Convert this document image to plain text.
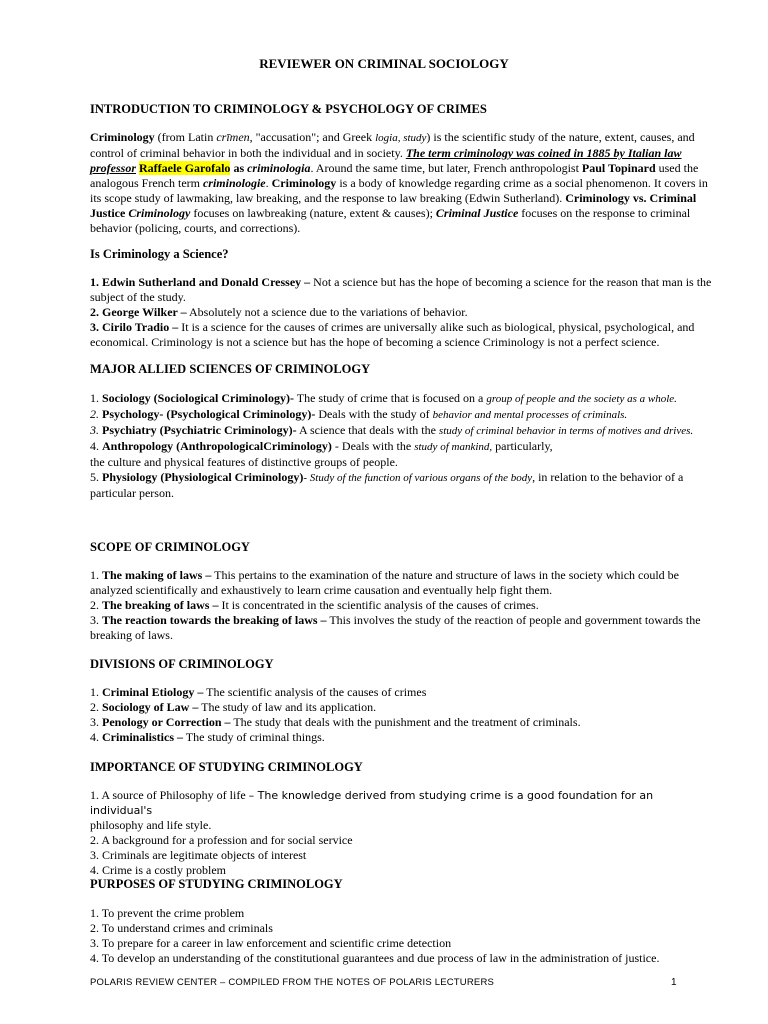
REVIEWER ON CRIMINAL SOCIOLOGY
INTRODUCTION TO CRIMINOLOGY & PSYCHOLOGY OF CRIMES
Criminology (from Latin crīmen, "accusation"; and Greek logia, study) is the scientific study of the nature, extent, causes, and control of criminal behavior in both the individual and in society. The term criminology was coined in 1885 by Italian law professor Raffaele Garofalo as criminologia. Around the same time, but later, French anthropologist Paul Topinard used the analogous French term criminologie. Criminology is a body of knowledge regarding crime as a social phenomenon. It covers in its scope study of lawmaking, law breaking, and the response to law breaking (Edwin Sutherland). Criminology vs. Criminal Justice Criminology focuses on lawbreaking (nature, extent & causes); Criminal Justice focuses on the response to criminal behavior (policing, courts, and corrections).
Is Criminology a Science?

1. Edwin Sutherland and Donald Cressey – Not a science but has the hope of becoming a science for the reason that man is the subject of the study.

2. George Wilker – Absolutely not a science due to the variations of behavior.

3. Cirilo Tradio – It is a science for the causes of crimes are universally alike such as biological, physical, psychological, and economical. Criminology is not a science but has the hope of becoming a science Criminology is not a perfect science.

MAJOR ALLIED SCIENCES OF CRIMINOLOGY

1. Sociology (Sociological Criminology)- The study of crime that is focused on a group of people and the society as a whole.

2. Psychology- (Psychological Criminology)- Deals with the study of behavior and mental processes of criminals.

3. Psychiatry (Psychiatric Criminology)- A science that deals with the study of criminal behavior in terms of motives and drives.

4. Anthropology (AnthropologicalCriminology) - Deals with the study of mankind, particularly,
the culture and physical features of distinctive groups of people.

5. Physiology (Physiological Criminology)- Study of the function of various organs of the body, in relation to the behavior of a particular person.

SCOPE OF CRIMINOLOGY

1. The making of laws – This pertains to the examination of the nature and structure of laws in the society which could be analyzed scientifically and exhaustively to learn crime causation and eventually help fight them.

2. The breaking of laws – It is concentrated in the scientific analysis of the causes of crimes.

3. The reaction towards the breaking of laws – This involves the study of the reaction of people and government towards the breaking of laws.

DIVISIONS OF CRIMINOLOGY

1. Criminal Etiology – The scientific analysis of the causes of crimes

2. Sociology of Law – The study of law and its application.

3. Penology or Correction – The study that deals with the punishment and the treatment of criminals.

4. Criminalistics – The study of criminal things.

IMPORTANCE OF STUDYING CRIMINOLOGY

1. A source of Philosophy of life – The knowledge derived from studying crime is a good foundation for an individual's
philosophy and life style.

2. A background for a profession and for social service

3. Criminals are legitimate objects of interest

4. Crime is a costly problem

PURPOSES OF STUDYING CRIMINOLOGY

1. To prevent the crime problem

2. To understand crimes and criminals

3. To prepare for a career in law enforcement and scientific crime detection

4. To develop an understanding of the constitutional guarantees and due process of law in the administration of justice.

POLARIS REVIEW CENTER – COMPILED FROM THE NOTES OF POLARIS LECTURERS	1
